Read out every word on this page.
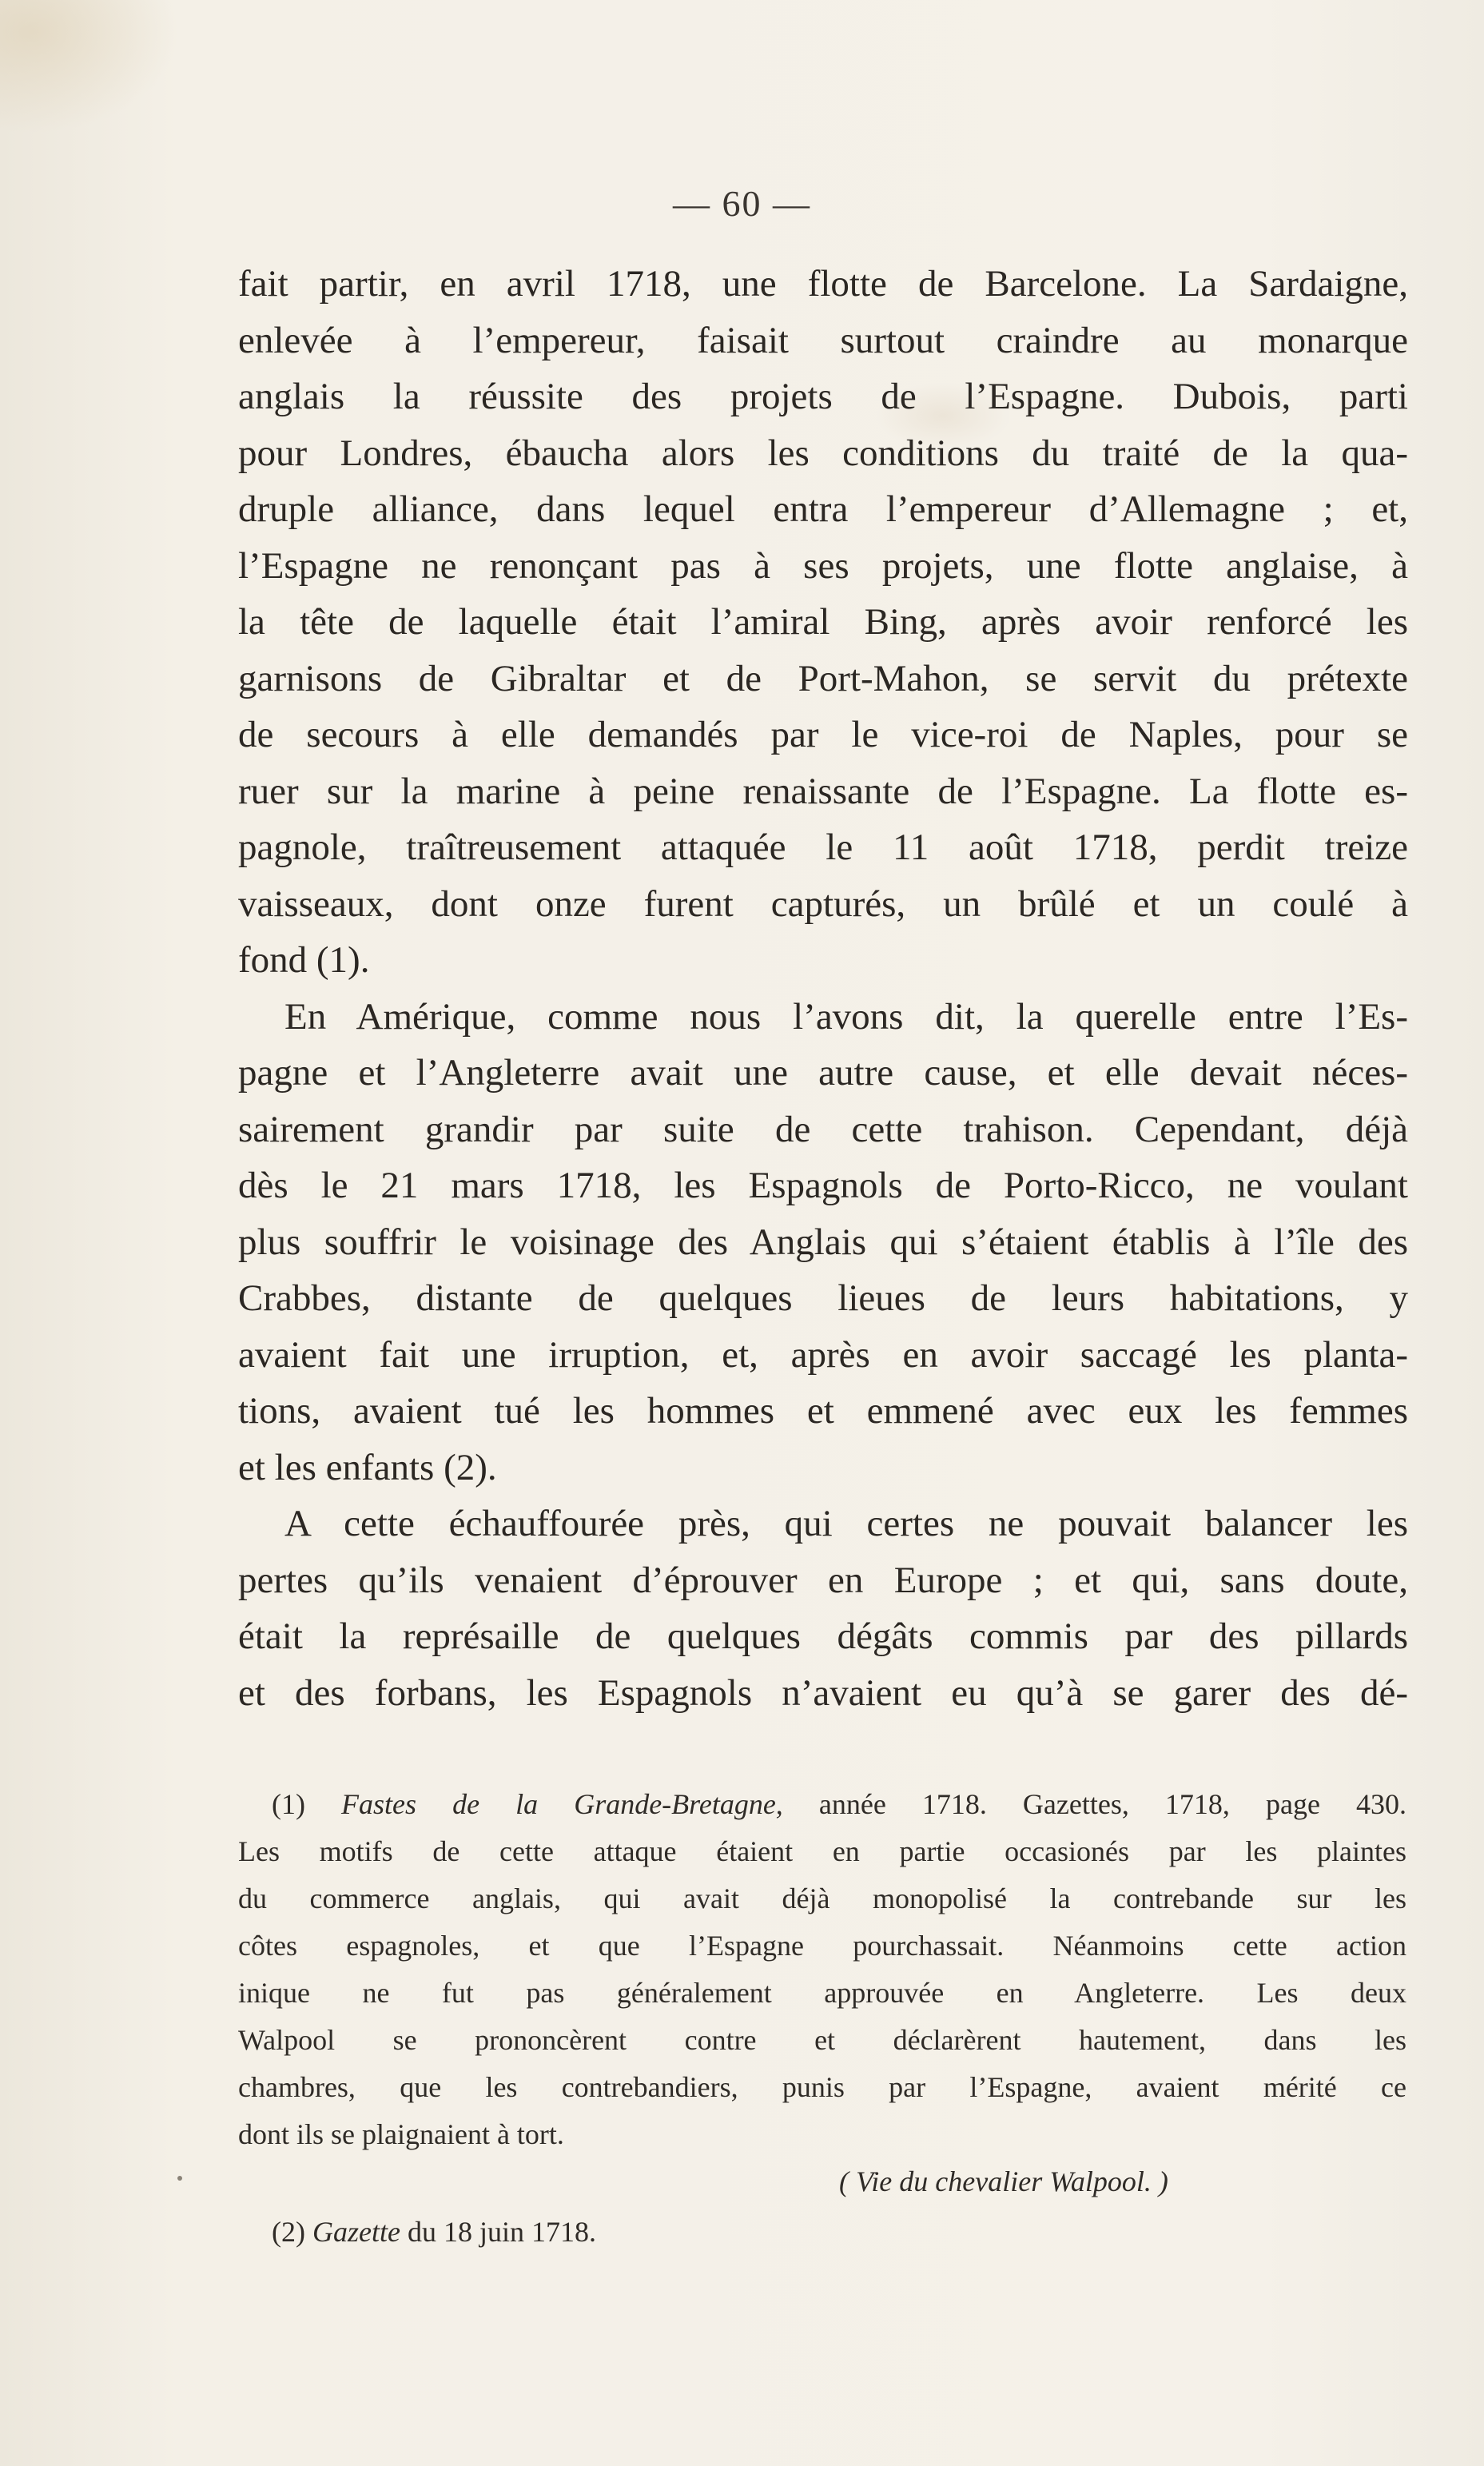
— 60 —
fait partir, en avril 1718, une flotte de Barcelone. La Sardaigne,
enlevée à l’empereur, faisait surtout craindre au monarque
anglais la réussite des projets de l’Espagne. Dubois, parti
pour Londres, ébaucha alors les conditions du traité de la qua-
druple alliance, dans lequel entra l’empereur d’Allemagne ; et,
l’Espagne ne renonçant pas à ses projets, une flotte anglaise, à
la tête de laquelle était l’amiral Bing, après avoir renforcé les
garnisons de Gibraltar et de Port-Mahon, se servit du prétexte
de secours à elle demandés par le vice-roi de Naples, pour se
ruer sur la marine à peine renaissante de l’Espagne. La flotte es-
pagnole, traîtreusement attaquée le 11 août 1718, perdit treize
vaisseaux, dont onze furent capturés, un brûlé et un coulé à
fond (1).
En Amérique, comme nous l’avons dit, la querelle entre l’Es-
pagne et l’Angleterre avait une autre cause, et elle devait néces-
sairement grandir par suite de cette trahison. Cependant, déjà
dès le 21 mars 1718, les Espagnols de Porto-Ricco, ne voulant
plus souffrir le voisinage des Anglais qui s’étaient établis à l’île des
Crabbes, distante de quelques lieues de leurs habitations, y
avaient fait une irruption, et, après en avoir saccagé les planta-
tions, avaient tué les hommes et emmené avec eux les femmes
et les enfants (2).
A cette échauffourée près, qui certes ne pouvait balancer les
pertes qu’ils venaient d’éprouver en Europe ; et qui, sans doute,
était la représaille de quelques dégâts commis par des pillards
et des forbans, les Espagnols n’avaient eu qu’à se garer des dé-
(1) Fastes de la Grande-Bretagne, année 1718. Gazettes, 1718, page 430.
Les motifs de cette attaque étaient en partie occasionés par les plaintes
du commerce anglais, qui avait déjà monopolisé la contrebande sur les
côtes espagnoles, et que l’Espagne pourchassait. Néanmoins cette action
inique ne fut pas généralement approuvée en Angleterre. Les deux
Walpool se prononcèrent contre et déclarèrent hautement, dans les
chambres, que les contrebandiers, punis par l’Espagne, avaient mérité ce
dont ils se plaignaient à tort.
( Vie du chevalier Walpool. )
(2) Gazette du 18 juin 1718.
